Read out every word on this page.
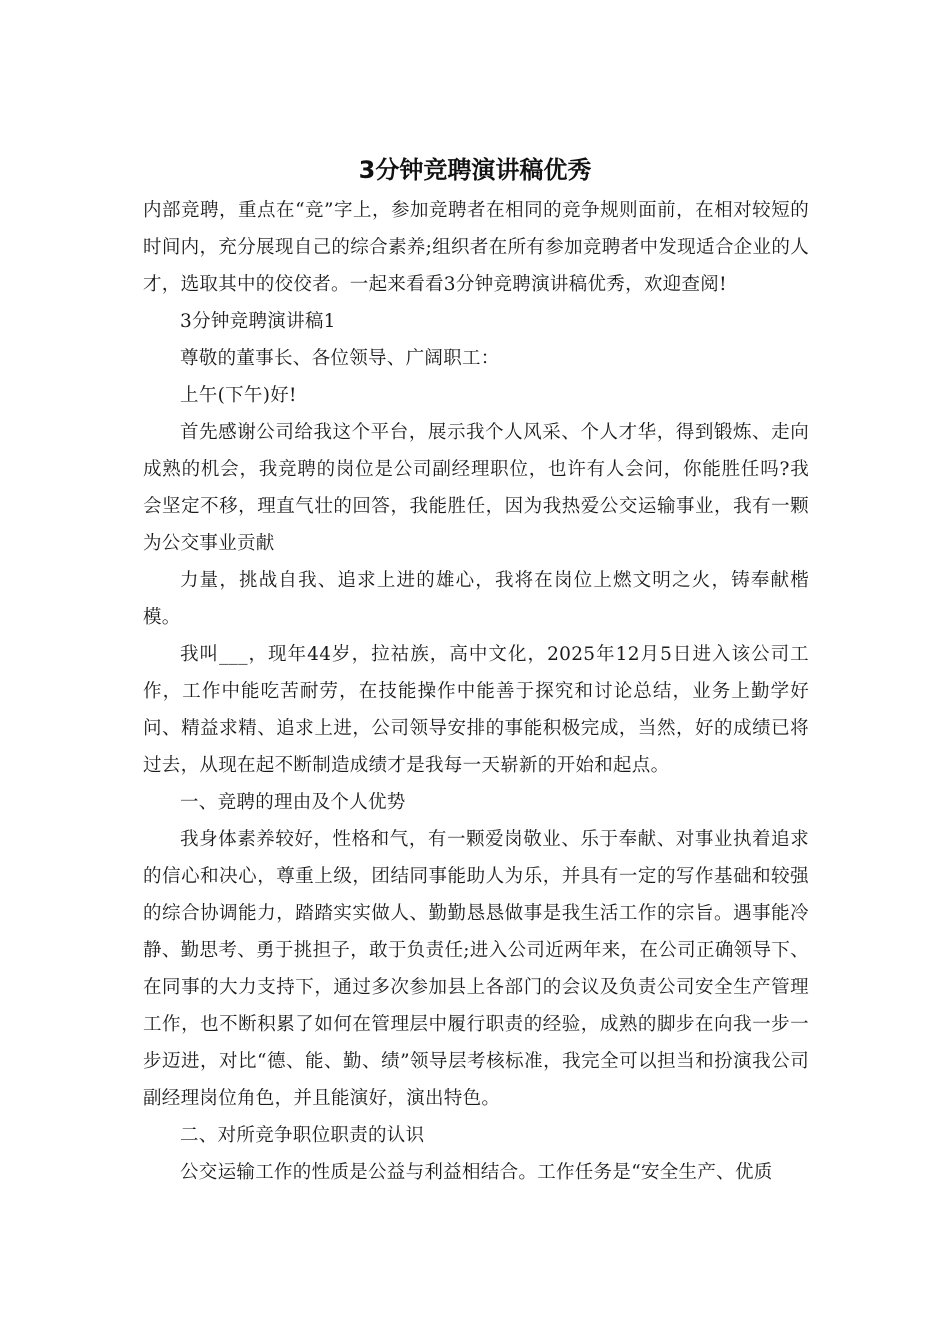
3分钟竞聘演讲稿优秀

内部竞聘，重点在“竞”字上，参加竞聘者在相同的竞争规则面前，在相对较短的时间内，充分展现自己的综合素养;组织者在所有参加竞聘者中发现适合企业的人才，选取其中的佼佼者。一起来看看3分钟竞聘演讲稿优秀，欢迎查阅!

3分钟竞聘演讲稿1

尊敬的董事长、各位领导、广阔职工：

上午(下午)好!

首先感谢公司给我这个平台，展示我个人风采、个人才华，得到锻炼、走向成熟的机会，我竞聘的岗位是公司副经理职位，也许有人会问，你能胜任吗?我会坚定不移，理直气壮的回答，我能胜任，因为我热爱公交运输事业，我有一颗为公交事业贡献

力量，挑战自我、追求上进的雄心，我将在岗位上燃文明之火，铸奉献楷模。

我叫___，现年44岁，拉祜族，高中文化，2025年12月5日进入该公司工作，工作中能吃苦耐劳，在技能操作中能善于探究和讨论总结，业务上勤学好问、精益求精、追求上进，公司领导安排的事能积极完成，当然，好的成绩已将过去，从现在起不断制造成绩才是我每一天崭新的开始和起点。

一、竞聘的理由及个人优势

我身体素养较好，性格和气，有一颗爱岗敬业、乐于奉献、对事业执着追求的信心和决心，尊重上级，团结同事能助人为乐，并具有一定的写作基础和较强的综合协调能力，踏踏实实做人、勤勤恳恳做事是我生活工作的宗旨。遇事能冷静、勤思考、勇于挑担子，敢于负责任;进入公司近两年来，在公司正确领导下、在同事的大力支持下，通过多次参加县上各部门的会议及负责公司安全生产管理工作，也不断积累了如何在管理层中履行职责的经验，成熟的脚步在向我一步一步迈进，对比“德、能、勤、绩”领导层考核标准，我完全可以担当和扮演我公司副经理岗位角色，并且能演好，演出特色。

二、对所竞争职位职责的认识

公交运输工作的性质是公益与利益相结合。工作任务是“安全生产、优质
